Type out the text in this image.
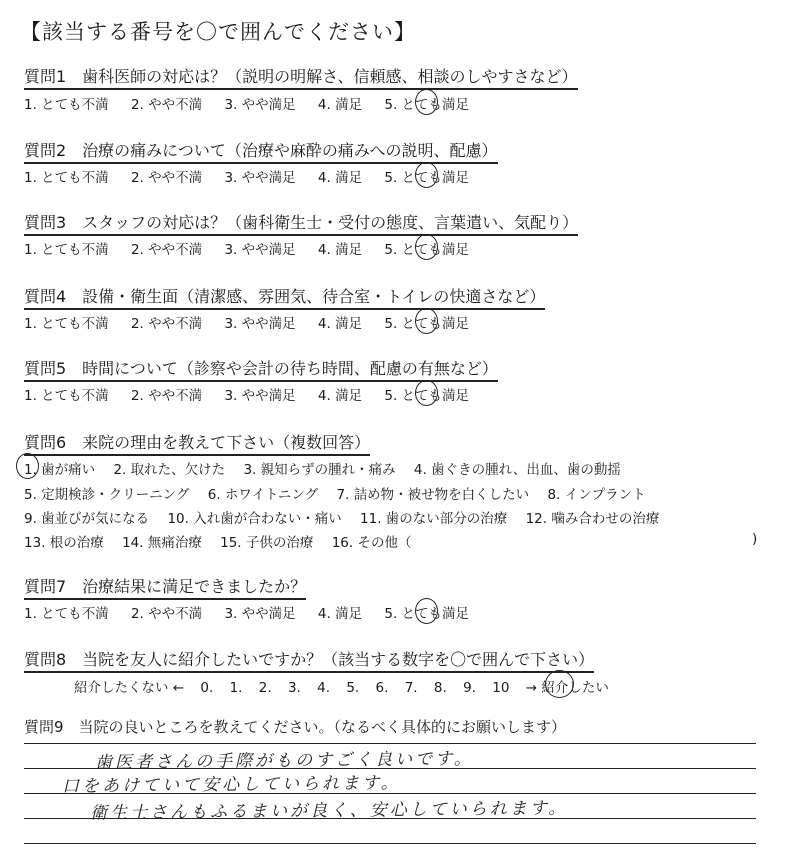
【該当する番号を〇で囲んでください】
質問1　歯科医師の対応は？（説明の明解さ、信頼感、相談のしやすさなど）
1. とても不満 2. やや不満 3. やや満足 4. 満足 5. とても満足
質問2　治療の痛みについて（治療や麻酔の痛みへの説明、配慮）
1. とても不満 2. やや不満 3. やや満足 4. 満足 5. とても満足
質問3　スタッフの対応は？（歯科衛生士・受付の態度、言葉遣い、気配り）
1. とても不満 2. やや不満 3. やや満足 4. 満足 5. とても満足
質問4　設備・衛生面（清潔感、雰囲気、待合室・トイレの快適さなど）
1. とても不満 2. やや不満 3. やや満足 4. 満足 5. とても満足
質問5　時間について（診察や会計の待ち時間、配慮の有無など）
1. とても不満 2. やや不満 3. やや満足 4. 満足 5. とても満足
質問6　来院の理由を教えて下さい（複数回答）
1. 歯が痛い 2. 取れた、欠けた 3. 親知らずの腫れ・痛み 4. 歯ぐきの腫れ、出血、歯の動揺
5. 定期検診・クリーニング 6. ホワイトニング 7. 詰め物・被せ物を白くしたい 8. インプラント
9. 歯並びが気になる 10. 入れ歯が合わない・痛い 11. 歯のない部分の治療 12. 噛み合わせの治療
13. 根の治療 14. 無痛治療 15. 子供の治療 16. その他（	)
質問7　治療結果に満足できましたか？
1. とても不満 2. やや不満 3. やや満足 4. 満足 5. とても満足
質問8　当院を友人に紹介したいですか？（該当する数字を〇で囲んで下さい）
紹介したくない ← 0. 1. 2. 3. 4. 5. 6. 7. 8. 9. 10 → 紹介したい
質問9　当院の良いところを教えてください。（なるべく具体的にお願いします）
歯医者さんの手際がものすごく良いです。
口をあけていて安心していられます。
衛生士さんもふるまいが良く、安心していられます。
